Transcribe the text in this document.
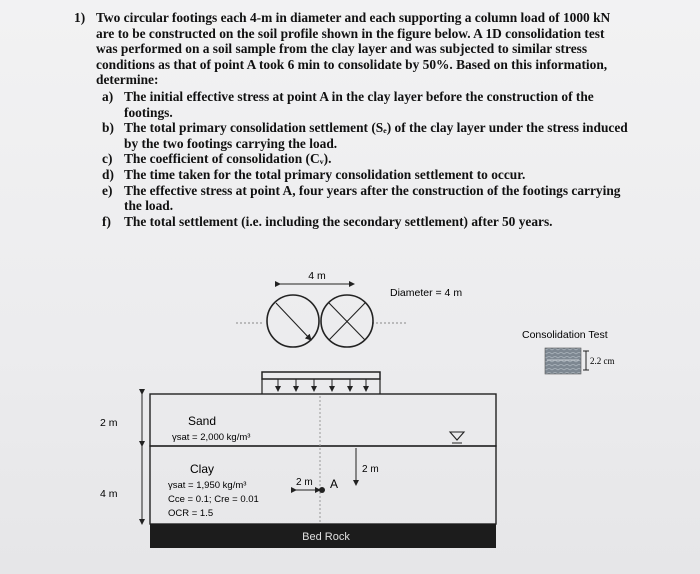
1) Two circular footings each 4-m in diameter and each supporting a column load of 1000 kN
are to be constructed on the soil profile shown in the figure below. A 1D consolidation test
was performed on a soil sample from the clay layer and was subjected to similar stress
conditions as that of point A took 6 min to consolidate by 50%. Based on this information,
determine:
a) The initial effective stress at point A in the clay layer before the construction of the
footings.
b) The total primary consolidation settlement (Sₑ) of the clay layer under the stress induced
by the two footings carrying the load.
c) The coefficient of consolidation (Cᵥ).
d) The time taken for the total primary consolidation settlement to occur.
e) The effective stress at point A, four years after the construction of the footings carrying
the load.
f) The total settlement (i.e. including the secondary settlement) after 50 years.
4 m
Diameter = 4 m
2 m
4 m
Sand
γsat = 2,000 kg/m³
Clay
γsat = 1,950 kg/m³
Cce = 0.1; Cre = 0.01
OCR = 1.5
2 m A
2 m
Bed Rock
Consolidation Test
2.2 cm
